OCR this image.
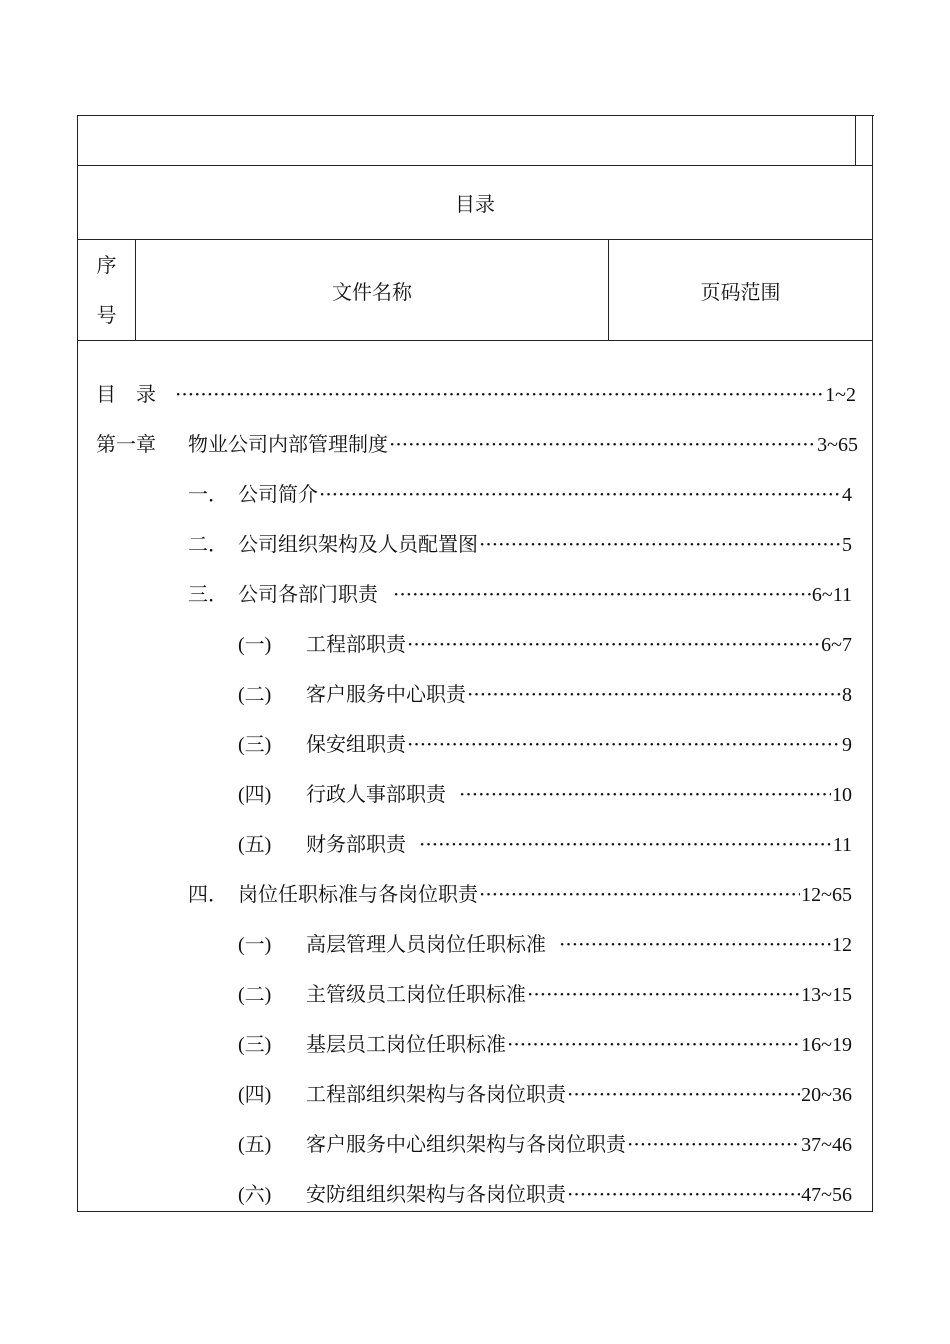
目录
序
号
文件名称	页码范围
目　录 ·····	1~2
第一章	物业公司内部管理制度 ·····	3~65
一． 公司简介 ·····	4
二． 公司组织架构及人员配置图 ·····	5
三． 公司各部门职责 ·····	6~11
(一)	工程部职责 ·····	6~7
(二)	客户服务中心职责 ·····	8
(三)	保安组职责 ·····	9
(四)	行政人事部职责 ·····	10
(五)	财务部职责 ·····	11
四． 岗位任职标准与各岗位职责 ·····	12~65
(一)	高层管理人员岗位任职标准 ·····	12
(二)	主管级员工岗位任职标准 ·····	13~15
(三)	基层员工岗位任职标准 ·····	16~19
(四)	工程部组织架构与各岗位职责 ·····	20~36
(五)	客户服务中心组织架构与各岗位职责 ·····	37~46
(六)	安防组组织架构与各岗位职责 ·····	47~56
